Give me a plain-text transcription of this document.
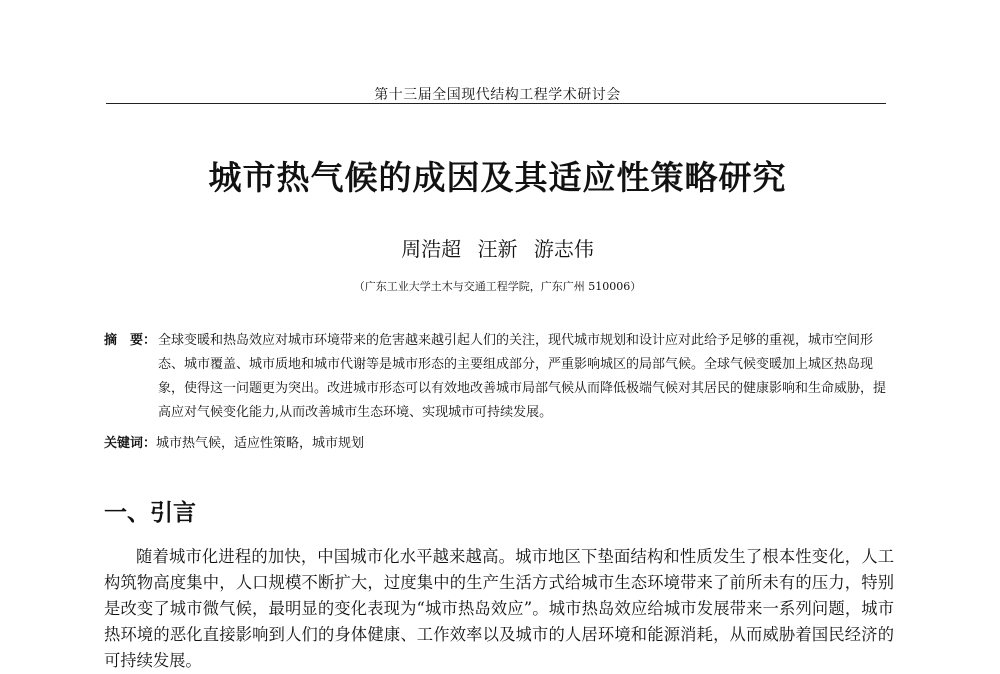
第十三届全国现代结构工程学术研讨会
城市热气候的成因及其适应性策略研究
周浩超 汪新 游志伟
（广东工业大学土木与交通工程学院，广东广州 510006）
摘　要： 全球变暖和热岛效应对城市环境带来的危害越来越引起人们的关注，现代城市规划和设计应对此给予足够的重视，城市空间形态、城市覆盖、城市质地和城市代谢等是城市形态的主要组成部分，严重影响城区的局部气候。全球气候变暖加上城区热岛现象，使得这一问题更为突出。改进城市形态可以有效地改善城市局部气候从而降低极端气候对其居民的健康影响和生命威胁，提高应对气候变化能力,从而改善城市生态环境、实现城市可持续发展。
关键词：城市热气候，适应性策略，城市规划
一、引言

随着城市化进程的加快，中国城市化水平越来越高。城市地区下垫面结构和性质发生了根本性变化，人工构筑物高度集中，人口规模不断扩大，过度集中的生产生活方式给城市生态环境带来了前所未有的压力，特别是改变了城市微气候，最明显的变化表现为“城市热岛效应”。城市热岛效应给城市发展带来一系列问题，城市热环境的恶化直接影响到人们的身体健康、工作效率以及城市的人居环境和能源消耗，从而威胁着国民经济的可持续发展。
